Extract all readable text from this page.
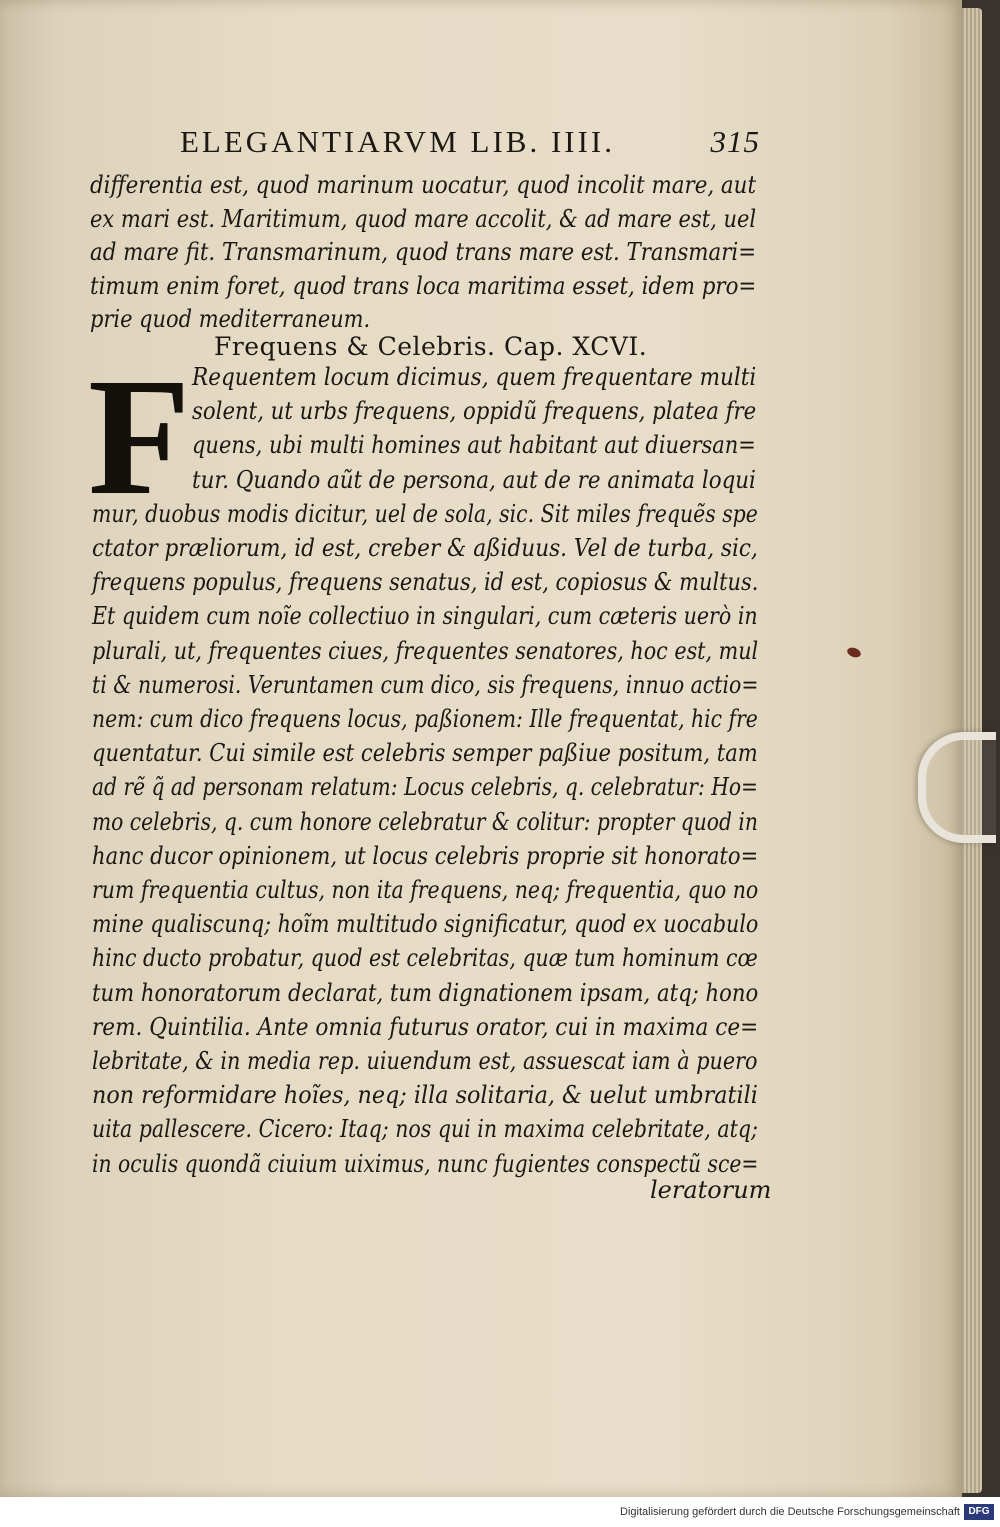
ELEGANTIARVM LIB. IIII.	315
differentia est, quod marinum uocatur, quod incolit mare, aut
ex mari est. Maritimum, quod mare accolit, & ad mare est, uel
ad mare fit. Transmarinum, quod trans mare est. Transmari=
timum enim foret, quod trans loca maritima esset, idem pro=
prie quod mediterraneum.
Frequens & Celebris. Cap. XCVI.
F Requentem locum dicimus, quem frequentare multi
solent, ut urbs frequens, oppidũ frequens, platea fre
quens, ubi multi homines aut habitant aut diuersan=
tur. Quando aũt de persona, aut de re animata loqui
mur, duobus modis dicitur, uel de sola, sic. Sit miles frequẽs spe
ctator præliorum, id est, creber & aßiduus. Vel de turba, sic,
frequens populus, frequens senatus, id est, copiosus & multus.
Et quidem cum noĩe collectiuo in singulari, cum cæteris uerò in
plurali, ut, frequentes ciues, frequentes senatores, hoc est, mul
ti & numerosi. Veruntamen cum dico, sis frequens, innuo actio=
nem: cum dico frequens locus, paßionem: Ille frequentat, hic fre
quentatur. Cui simile est celebris semper paßiue positum, tam
ad rẽ q̃ ad personam relatum: Locus celebris, q. celebratur: Ho=
mo celebris, q. cum honore celebratur & colitur: propter quod in
hanc ducor opinionem, ut locus celebris proprie sit honorato=
rum frequentia cultus, non ita frequens, neq; frequentia, quo no
mine qualiscunq; hoĩm multitudo significatur, quod ex uocabulo
hinc ducto probatur, quod est celebritas, quæ tum hominum cœ
tum honoratorum declarat, tum dignationem ipsam, atq; hono
rem. Quintilia. Ante omnia futurus orator, cui in maxima ce=
lebritate, & in media rep. uiuendum est, assuescat iam à puero
non reformidare hoĩes, neq; illa solitaria, & uelut umbratili
uita pallescere. Cicero: Itaq; nos qui in maxima celebritate, atq;
in oculis quondã ciuium uiximus, nunc fugientes conspectũ sce=
leratorum
Digitalisierung gefördert durch die Deutsche Forschungsgemeinschaft DFG
